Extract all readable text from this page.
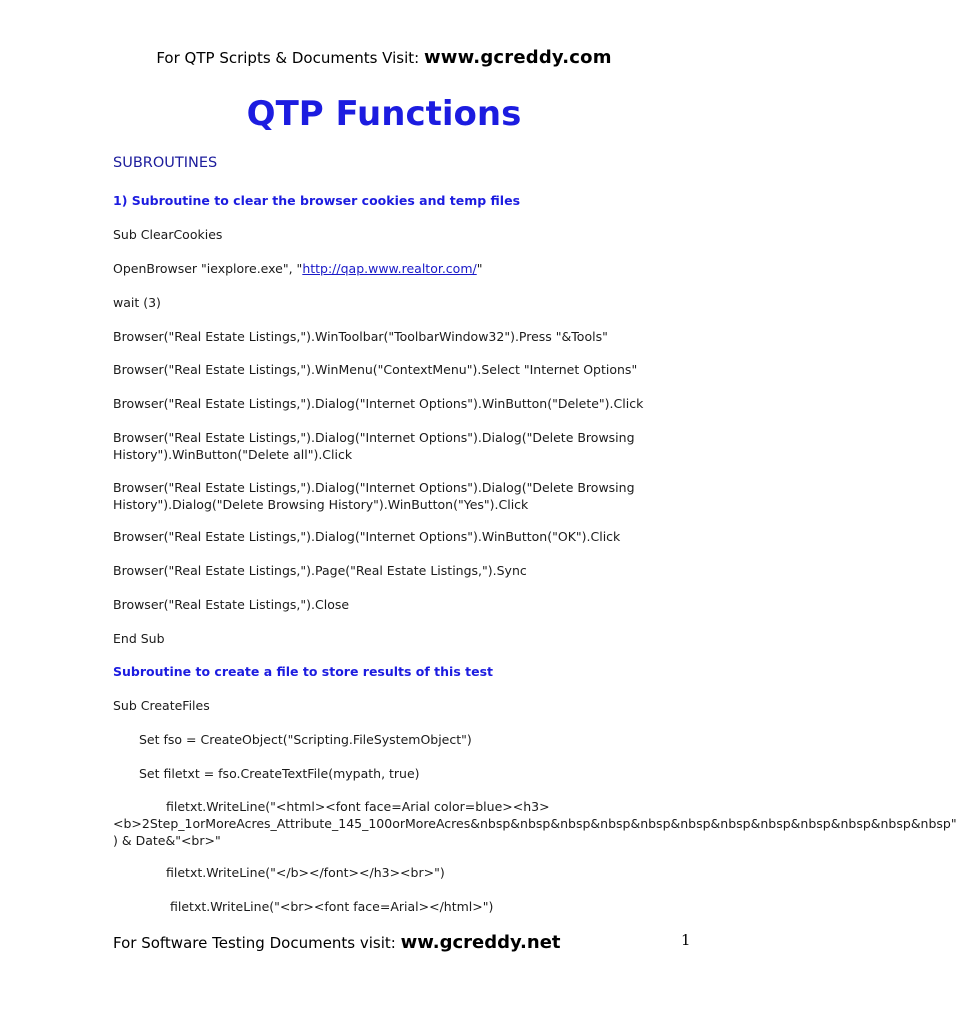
For QTP Scripts & Documents Visit: www.gcreddy.com
QTP Functions
SUBROUTINES
1) Subroutine to clear the browser cookies and temp files
Sub ClearCookies
OpenBrowser "iexplore.exe", "http://qap.www.realtor.com/"
wait (3)
Browser("Real Estate Listings,").WinToolbar("ToolbarWindow32").Press "&Tools"
Browser("Real Estate Listings,").WinMenu("ContextMenu").Select "Internet Options"
Browser("Real Estate Listings,").Dialog("Internet Options").WinButton("Delete").Click
Browser("Real Estate Listings,").Dialog("Internet Options").Dialog("Delete Browsing History").WinButton("Delete all").Click
Browser("Real Estate Listings,").Dialog("Internet Options").Dialog("Delete Browsing History").Dialog("Delete Browsing History").WinButton("Yes").Click
Browser("Real Estate Listings,").Dialog("Internet Options").WinButton("OK").Click
Browser("Real Estate Listings,").Page("Real Estate Listings,").Sync
Browser("Real Estate Listings,").Close
End Sub
Subroutine to create a file to store results of this test
Sub CreateFiles
Set fso = CreateObject("Scripting.FileSystemObject")
Set filetxt = fso.CreateTextFile(mypath, true)
filetxt.WriteLine("<html><font face=Arial color=blue><h3><b>2Step_1orMoreAcres_Attribute_145_100orMoreAcres&nbsp&nbsp&nbsp&nbsp&nbsp&nbsp&nbsp&nbsp&nbsp&nbsp&nbsp&nbsp" ) & Date&"<br>"
filetxt.WriteLine("</b></font></h3><br>")
filetxt.WriteLine("<br><font face=Arial></html>")
For Software Testing Documents visit: ww.gcreddy.net	1
